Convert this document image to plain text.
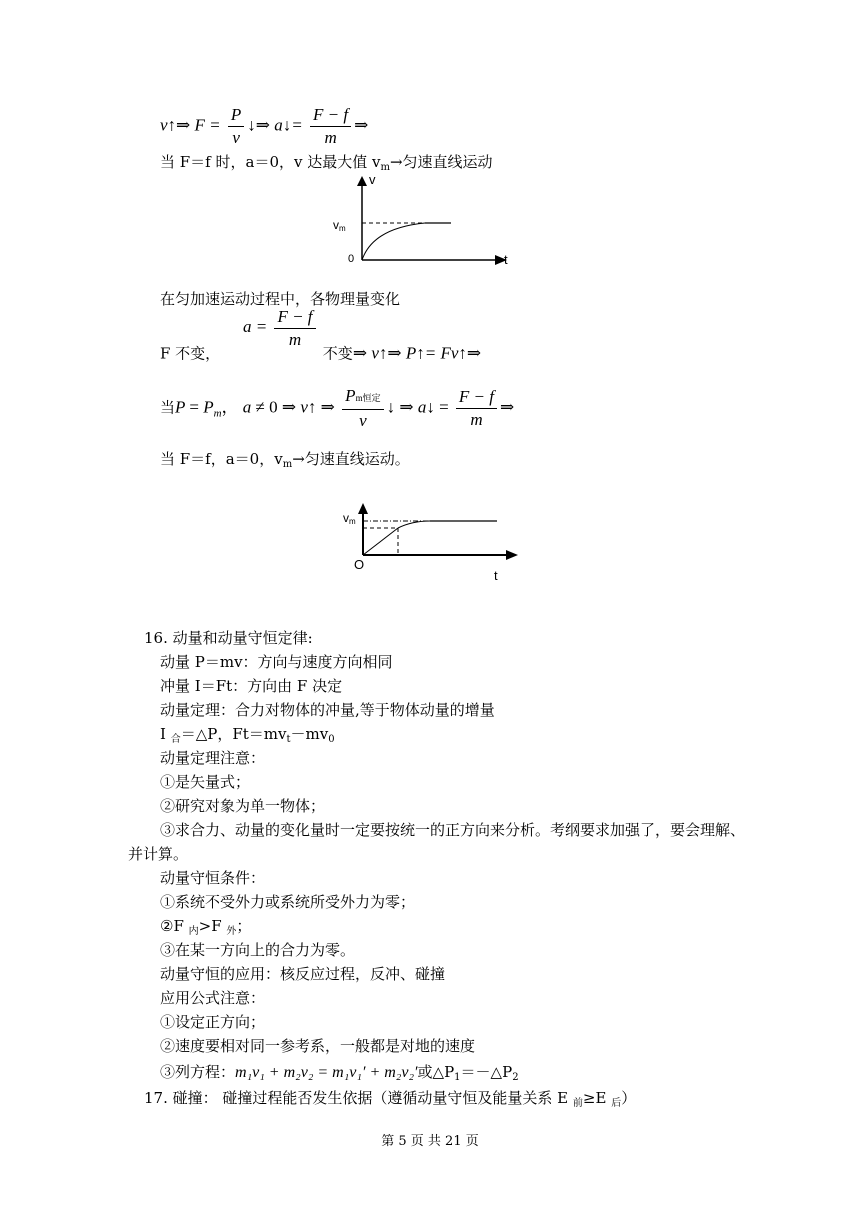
v↑⇒ $F = \frac{P}{v}$ ↓⇒ a↓= $\frac{F - f}{m}$ ⇒
当 F＝f 时，a＝0，v 达最大值 $v_m\to$匀速直线运动
v
vm
0	t
在匀加速运动过程中，各物理量变化
F 不变， $a = \frac{F - f}{m}$
不变⇒ v↑⇒ P↑= Fv↑⇒
当$P = P_m$， a ≠ 0 ⇒ v↑ ⇒ $\frac{\text{Pm恒定}}{v}$ ↓ ⇒ a↓ = $\frac{F - f}{m}$ ⇒
当 F＝f，a＝0，$v_m\to$匀速直线运动。
vm
O
t
16. 动量和动量守恒定律:
动量 P＝mv：方向与速度方向相同
冲量 I＝Ft：方向由 F 决定
动量定理：合力对物体的冲量,等于物体动量的增量
I $_合$＝△P，$Ft=mv_t-mv_0$
动量定理注意：
①是矢量式；
②研究对象为单一物体；
③求合力、动量的变化量时一定要按统一的正方向来分析。考纲要求加强了，要会理解、
并计算。
动量守恒条件：
①系统不受外力或系统所受外力为零；
②F $_内$>F $_外$；
③在某一方向上的合力为零。
动量守恒的应用：核反应过程，反冲、碰撞
应用公式注意：
①设定正方向；
②速度要相对同一参考系，一般都是对地的速度
③列方程：m₁v₁ + m₂v₂ = m₁v₁′ + m₂v₂′或$\triangle P_1=-\triangle P_2$
17. 碰撞： 碰撞过程能否发生依据（遵循动量守恒及能量关系 E $_前$≥E $_后$）
第 5 页 共 21 页
